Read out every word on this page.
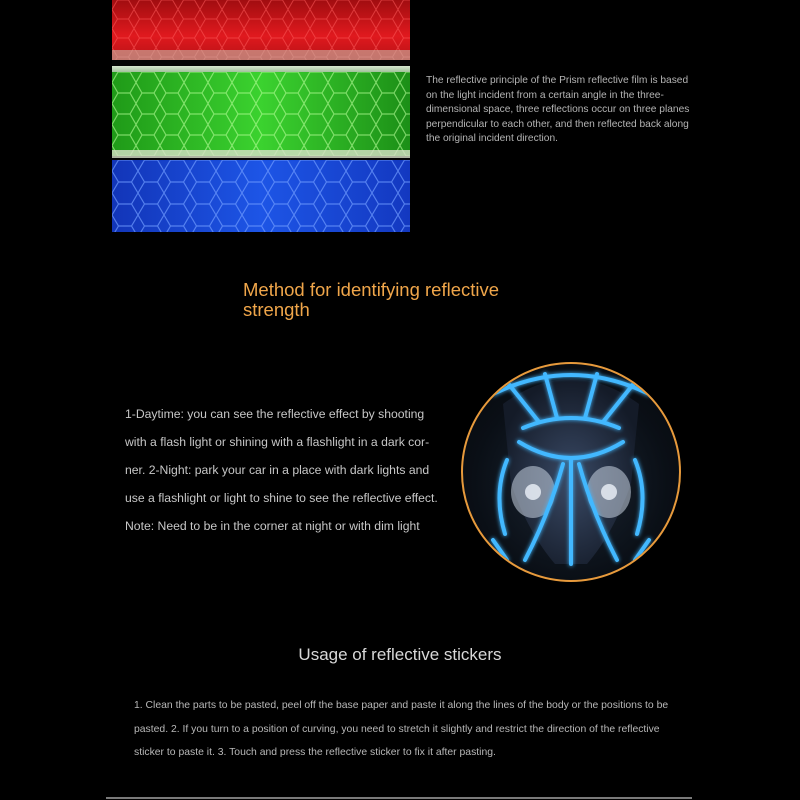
The reflective principle of the Prism reflective film is based on the light incident from a certain angle in the three-dimensional space, three reflections occur on three planes perpendicular to each other, and then reflected back along the original incident direction.
Method for identifying reflective strength
1-Daytime: you can see the reflective effect by shooting with a flash light or shining with a flashlight in a dark cor-ner. 2-Night: park your car in a place with dark lights and use a flashlight or light to shine to see the reflective effect. Note: Need to be in the corner at night or with dim light
Usage of reflective stickers
1. Clean the parts to be pasted, peel off the base paper and paste it along the lines of the body or the positions to be pasted. 2. If you turn to a position of curving, you need to stretch it slightly and restrict the direction of the reflective sticker to paste it. 3. Touch and press the reflective sticker to fix it after pasting.
